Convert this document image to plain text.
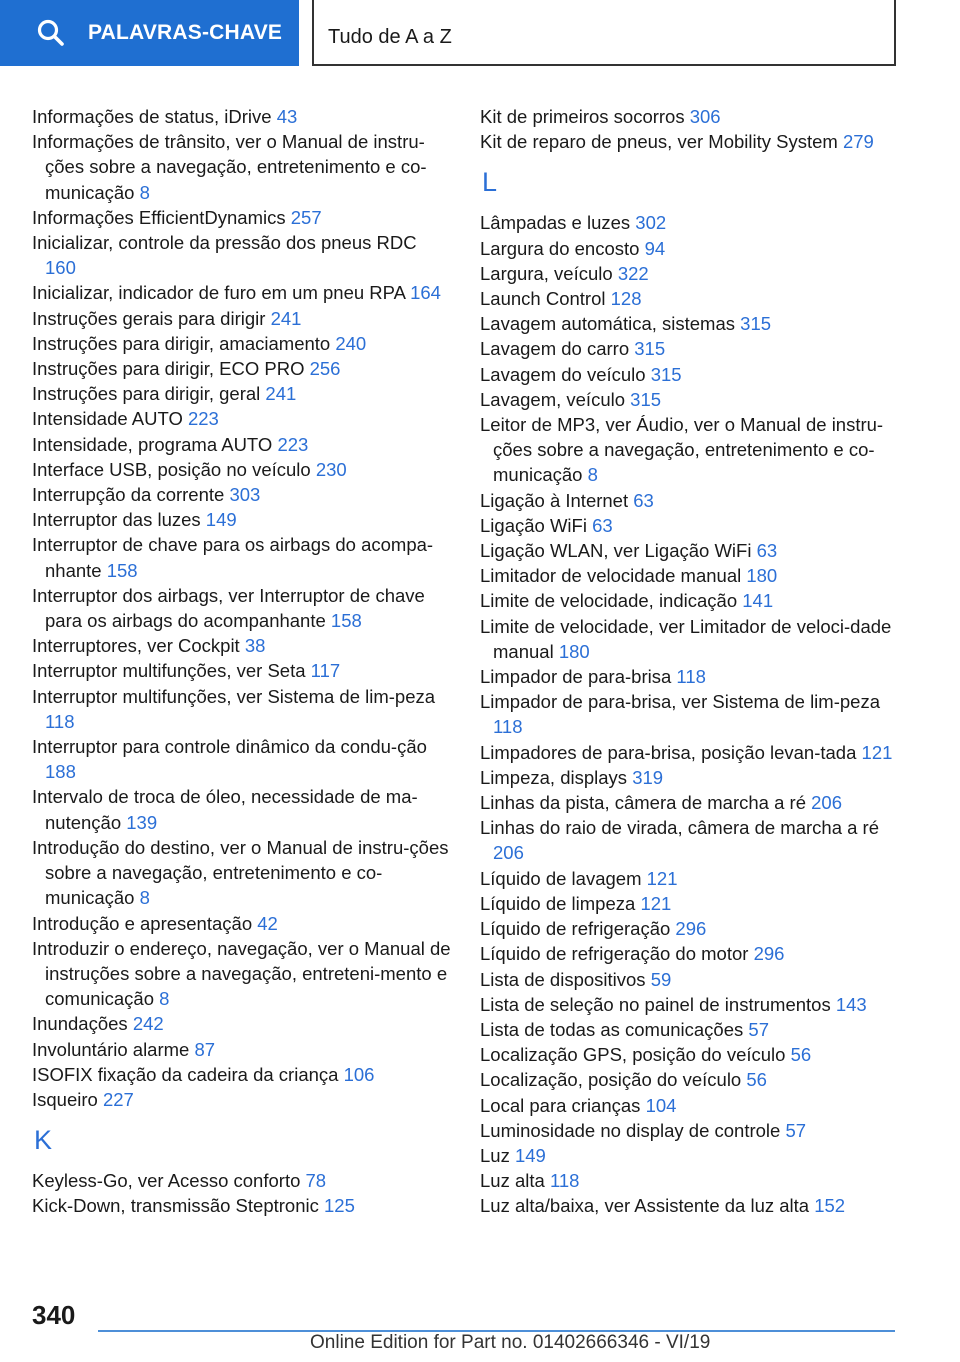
PALAVRAS-CHAVE Tudo de A a Z
Informações de status, iDrive 43
Informações de trânsito, ver o Manual de instru-ções sobre a navegação, entretenimento e co-municação 8
Informações EfficientDynamics 257
Inicializar, controle da pressão dos pneus RDC 160
Inicializar, indicador de furo em um pneu RPA 164
Instruções gerais para dirigir 241
Instruções para dirigir, amaciamento 240
Instruções para dirigir, ECO PRO 256
Instruções para dirigir, geral 241
Intensidade AUTO 223
Intensidade, programa AUTO 223
Interface USB, posição no veículo 230
Interrupção da corrente 303
Interruptor das luzes 149
Interruptor de chave para os airbags do acompa-nhante 158
Interruptor dos airbags, ver Interruptor de chave para os airbags do acompanhante 158
Interruptores, ver Cockpit 38
Interruptor multifunções, ver Seta 117
Interruptor multifunções, ver Sistema de lim-peza 118
Interruptor para controle dinâmico da condu-ção 188
Intervalo de troca de óleo, necessidade de ma-nutenção 139
Introdução do destino, ver o Manual de instru-ções sobre a navegação, entretenimento e co-municação 8
Introdução e apresentação 42
Introduzir o endereço, navegação, ver o Manual de instruções sobre a navegação, entreteni-mento e comunicação 8
Inundações 242
Involuntário alarme 87
ISOFIX fixação da cadeira da criança 106
Isqueiro 227
K
Keyless-Go, ver Acesso conforto 78
Kick-Down, transmissão Steptronic 125
Kit de primeiros socorros 306
Kit de reparo de pneus, ver Mobility System 279
L
Lâmpadas e luzes 302
Largura do encosto 94
Largura, veículo 322
Launch Control 128
Lavagem automática, sistemas 315
Lavagem do carro 315
Lavagem do veículo 315
Lavagem, veículo 315
Leitor de MP3, ver Áudio, ver o Manual de instru-ções sobre a navegação, entretenimento e co-municação 8
Ligação à Internet 63
Ligação WiFi 63
Ligação WLAN, ver Ligação WiFi 63
Limitador de velocidade manual 180
Limite de velocidade, indicação 141
Limite de velocidade, ver Limitador de veloci-dade manual 180
Limpador de para-brisa 118
Limpador de para-brisa, ver Sistema de lim-peza 118
Limpadores de para-brisa, posição levan-tada 121
Limpeza, displays 319
Linhas da pista, câmera de marcha a ré 206
Linhas do raio de virada, câmera de marcha a ré 206
Líquido de lavagem 121
Líquido de limpeza 121
Líquido de refrigeração 296
Líquido de refrigeração do motor 296
Lista de dispositivos 59
Lista de seleção no painel de instrumentos 143
Lista de todas as comunicações 57
Localização GPS, posição do veículo 56
Localização, posição do veículo 56
Local para crianças 104
Luminosidade no display de controle 57
Luz 149
Luz alta 118
Luz alta/baixa, ver Assistente da luz alta 152
340
Online Edition for Part no. 01402666346 - VI/19
